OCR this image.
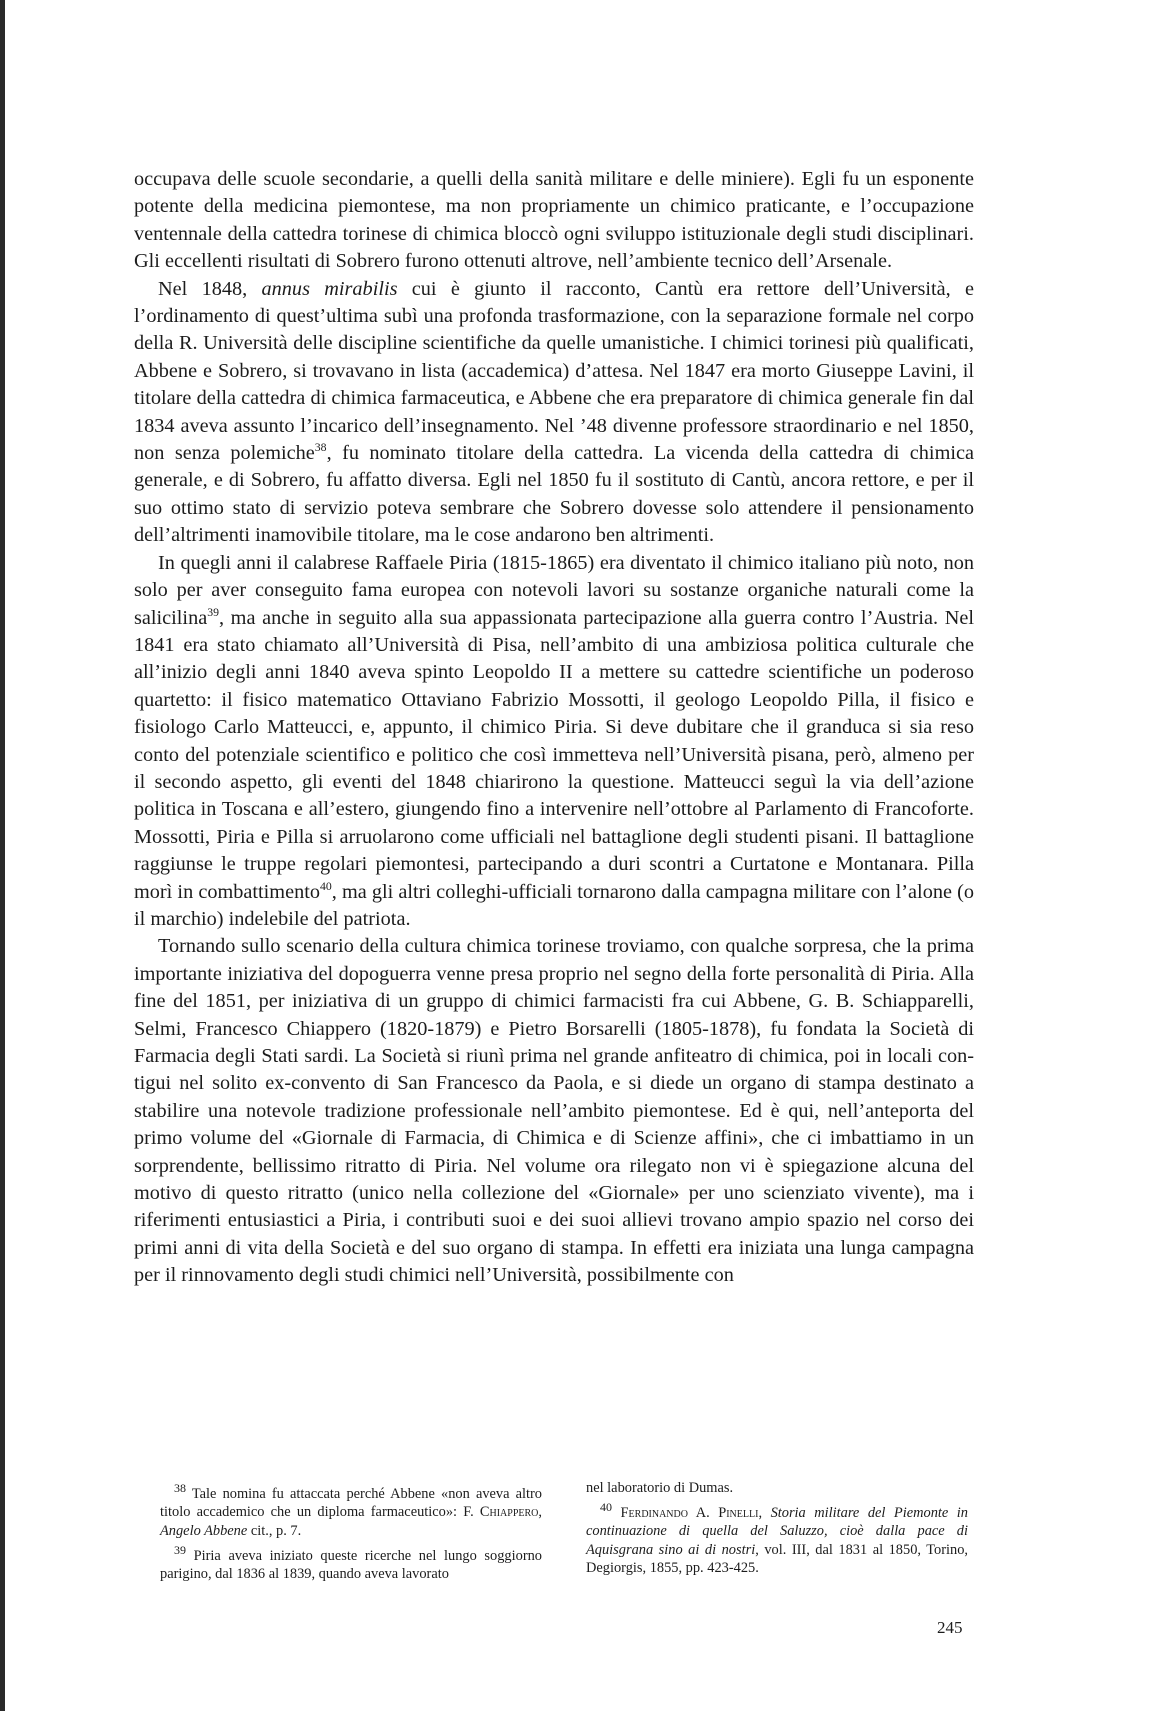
occupava delle scuole secondarie, a quelli della sanità militare e delle miniere). Egli fu un esponente potente della medicina piemontese, ma non propriamente un chimico praticante, e l’occupazione ventennale della cattedra torinese di chimica bloccò ogni sviluppo istituzionale degli studi disciplinari. Gli eccellenti risultati di Sobrero furono ottenuti altrove, nell’ambiente tecnico dell’Arsenale.

Nel 1848, annus mirabilis cui è giunto il racconto, Cantù era rettore dell’Università, e l’ordinamento di quest’ultima subì una profonda trasformazione, con la separazione formale nel corpo della R. Università delle discipline scientifiche da quelle umanistiche. I chimici torinesi più qualificati, Abbene e Sobrero, si trovavano in lista (accademica) d’attesa. Nel 1847 era morto Giuseppe Lavini, il titolare della cattedra di chimica farmaceutica, e Abbene che era preparatore di chimica generale fin dal 1834 aveva assunto l’incarico dell’insegnamento. Nel ’48 divenne professore straordinario e nel 1850, non senza polemiche$^{38}$, fu nominato titolare della cattedra. La vicenda della cattedra di chimica generale, e di Sobrero, fu affatto diversa. Egli nel 1850 fu il sostituto di Cantù, ancora rettore, e per il suo ottimo stato di servizio poteva sembrare che Sobrero dovesse solo attendere il pensionamento dell’altrimenti inamovibile titolare, ma le cose andarono ben altrimenti.

In quegli anni il calabrese Raffaele Piria (1815-1865) era diventato il chimico italiano più noto, non solo per aver conseguito fama europea con notevoli lavori su sostanze organiche naturali come la salicilina$^{39}$, ma anche in seguito alla sua appassionata partecipazione alla guerra contro l’Austria. Nel 1841 era stato chiamato all’Università di Pisa, nell’ambito di una ambiziosa politica culturale che all’inizio degli anni 1840 aveva spinto Leopoldo II a mettere su cattedre scientifiche un poderoso quartetto: il fisico matematico Ottaviano Fabrizio Mossotti, il geologo Leopoldo Pilla, il fisico e fisiologo Carlo Matteucci, e, appunto, il chimico Piria. Si deve dubitare che il granduca si sia reso conto del potenziale scientifico e politico che così immetteva nell’Università pisana, però, almeno per il secondo aspetto, gli eventi del 1848 chiarirono la questione. Matteucci seguì la via dell’azione politica in Toscana e all’estero, giungendo fino a intervenire nell’ottobre al Parlamento di Francoforte. Mossotti, Piria e Pilla si arruolarono come ufficiali nel battaglione degli studenti pisani. Il battaglione raggiunse le truppe regolari piemontesi, partecipando a duri scontri a Curtatone e Montanara. Pilla morì in combattimento$^{40}$, ma gli altri colleghi-ufficiali tornarono dalla campagna militare con l’alone (o il marchio) indelebile del patriota.

Tornando sullo scenario della cultura chimica torinese troviamo, con qualche sorpresa, che la prima importante iniziativa del dopoguerra venne presa proprio nel segno della forte personalità di Piria. Alla fine del 1851, per iniziativa di un gruppo di chimici farmacisti fra cui Abbene, G. B. Schiapparelli, Selmi, Francesco Chiappero (1820-1879) e Pietro Borsarelli (1805-1878), fu fondata la Società di Farmacia degli Stati sardi. La Società si riunì prima nel grande anfiteatro di chimica, poi in locali contigui nel solito ex-convento di San Francesco da Paola, e si diede un organo di stampa destinato a stabilire una notevole tradizione professionale nell’ambito piemontese. Ed è qui, nell’anteporta del primo volume del «Giornale di Farmacia, di Chimica e di Scienze affini», che ci imbattiamo in un sorprendente, bellissimo ritratto di Piria. Nel volume ora rilegato non vi è spiegazione alcuna del motivo di questo ritratto (unico nella collezione del «Giornale» per uno scienziato vivente), ma i riferimenti entusiastici a Piria, i contributi suoi e dei suoi allievi trovano ampio spazio nel corso dei primi anni di vita della Società e del suo organo di stampa. In effetti era iniziata una lunga campagna per il rinnovamento degli studi chimici nell’Università, possibilmente con

$^{38}$ Tale nomina fu attaccata perché Abbene «non aveva altro titolo accademico che un diploma farmaceutico»: F. Chiappero, Angelo Abbene cit., p. 7.

$^{39}$ Piria aveva iniziato queste ricerche nel lungo soggiorno parigino, dal 1836 al 1839, quando aveva lavorato

nel laboratorio di Dumas.

$^{40}$ Ferdinando A. Pinelli, Storia militare del Piemonte in continuazione di quella del Saluzzo, cioè dalla pace di Aquisgrana sino ai di nostri, vol. III, dal 1831 al 1850, Torino, Degiorgis, 1855, pp. 423-425.

245
